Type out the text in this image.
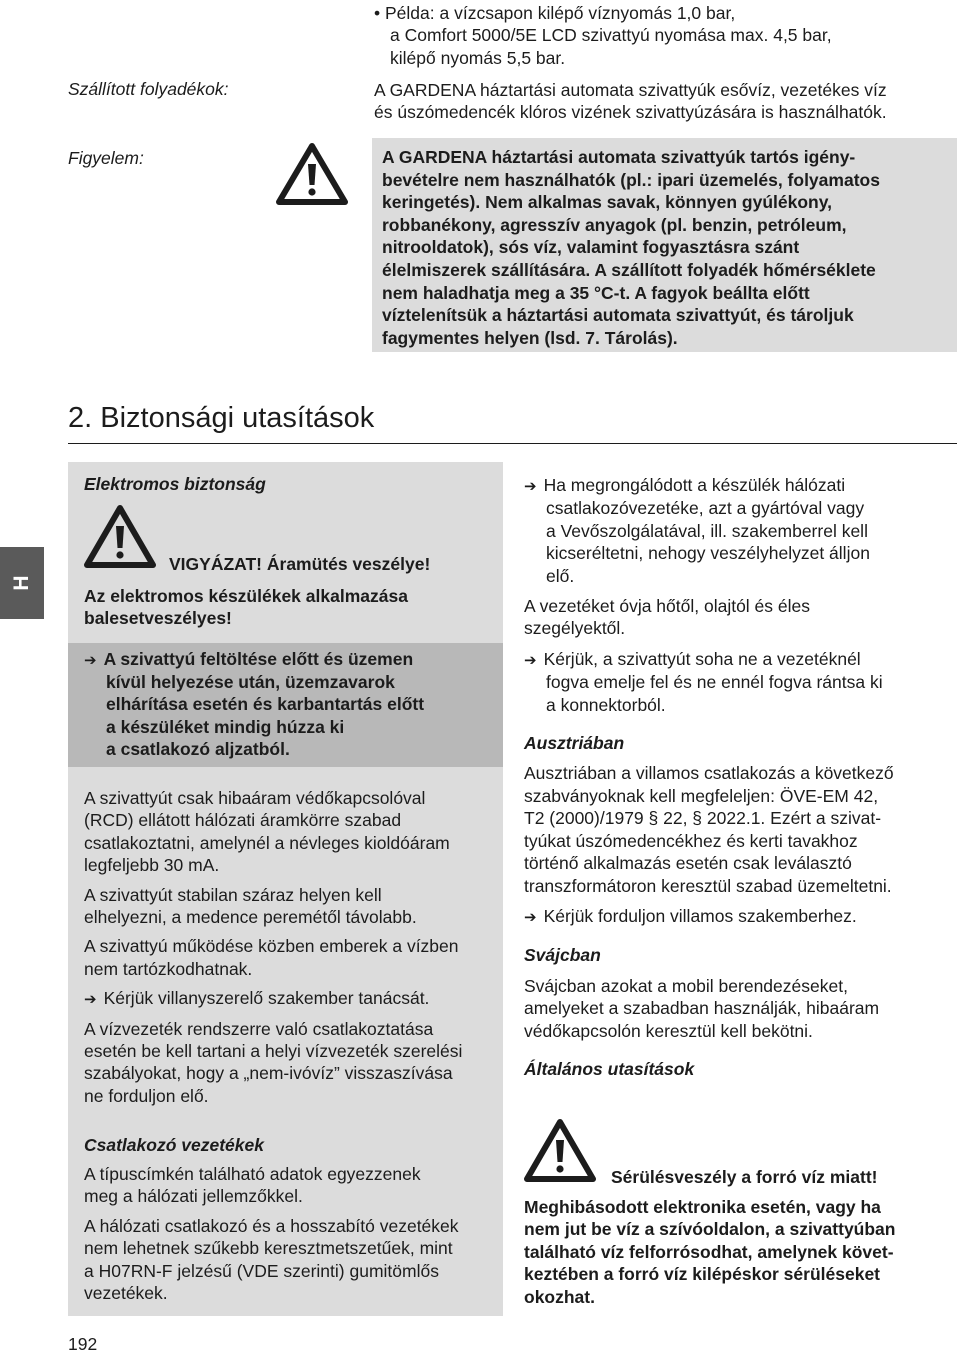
• Példa: a vízcsapon kilépő víznyomás 1,0 bar,
a Comfort 5000/5E LCD szivattyú nyomása max. 4,5 bar,
kilépő nyomás 5,5 bar.
Szállított folyadékok:	A GARDENA háztartási automata szivattyúk esővíz, vezetékes víz
és úszómedencék klóros vizének szivattyúzására is használhatók.
Figyelem:	A GARDENA háztartási automata szivattyúk tartós igény-
bevételre nem használhatók (pl.: ipari üzemelés, folyamatos
keringetés). Nem alkalmas savak, könnyen gyúlékony,
robbanékony, agresszív anyagok (pl. benzin, petróleum,
nitrooldatok), sós víz, valamint fogyasztásra szánt
élelmiszerek szállítására. A szállított folyadék hőmérséklete
nem haladhatja meg a 35 °C-t. A fagyok beállta előtt
víztelenítsük a háztartási automata szivattyút, és tároljuk
fagymentes helyen (lsd. 7. Tárolás).
2. Biztonsági utasítások
Elektromos biztonság
VIGYÁZAT! Áramütés veszélye!
Az elektromos készülékek alkalmazása
balesetveszélyes!
➔ A szivattyú feltöltése előtt és üzemen
kívül helyezése után, üzemzavarok
elhárítása esetén és karbantartás előtt
a készüléket mindig húzza ki
a csatlakozó aljzatból.

A szivattyút csak hibaáram védőkapcsolóval
(RCD) ellátott hálózati áramkörre szabad
csatlakoztatni, amelynél a névleges kioldóáram
legfeljebb 30 mA.

A szivattyút stabilan száraz helyen kell
elhelyezni, a medence peremétől távolabb.

A szivattyú működése közben emberek a vízben
nem tartózkodhatnak.

➔ Kérjük villanyszerelő szakember tanácsát.

A vízvezeték rendszerre való csatlakoztatása
esetén be kell tartani a helyi vízvezeték szerelési
szabályokat, hogy a „nem-ivóvíz” visszaszívása
ne forduljon elő.

Csatlakozó vezetékek

A típuscímkén található adatok egyezzenek
meg a hálózati jellemzőkkel.

A hálózati csatlakozó és a hosszabító vezetékek
nem lehetnek szűkebb keresztmetszetűek, mint
a H07RN-F jelzésű (VDE szerinti) gumitömlős
vezetékek.

➔ Ha megrongálódott a készülék hálózati
csatlakozóvezetéke, azt a gyártóval vagy
a Vevőszolgálatával, ill. szakemberrel kell
kicseréltetni, nehogy veszélyhelyzet álljon
elő.

A vezetéket óvja hőtől, olajtól és éles
szegélyektől.

➔ Kérjük, a szivattyút soha ne a vezetéknél
fogva emelje fel és ne ennél fogva rántsa ki
a konnektorból.

Ausztriában

Ausztriában a villamos csatlakozás a következő
szabványoknak kell megfeleljen: ÖVE-EM 42,
T2 (2000)/1979 § 22, § 2022.1. Ezért a szivat-
tyúkat úszómedencékhez és kerti tavakhoz
történő alkalmazás esetén csak leválasztó
transzformátoron keresztül szabad üzemeltetni.

➔ Kérjük forduljon villamos szakemberhez.

Svájcban

Svájcban azokat a mobil berendezéseket,
amelyeket a szabadban használják, hibaáram
védőkapcsolón keresztül kell bekötni.

Általános utasítások

Sérülésveszély a forró víz miatt!
Meghibásodott elektronika esetén, vagy ha
nem jut be víz a szívóoldalon, a szivattyúban
található víz felforrósodhat, amelynek követ-
keztében a forró víz kilépéskor sérüléseket
okozhat.
H
192
